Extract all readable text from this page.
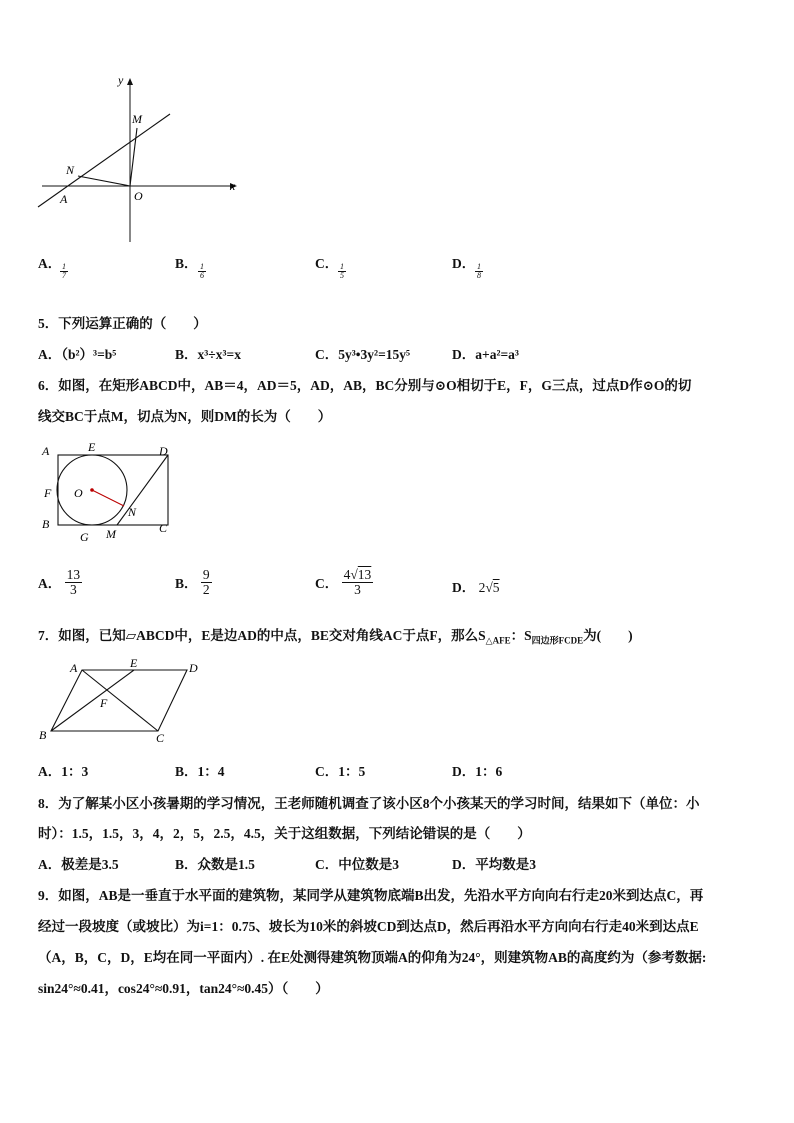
y
M
N
A	O
x
A．
$\frac{1}{7}$	B． $\frac{1}{6}$	C． $\frac{1}{5}$	D． $\frac{1}{8}$
5．下列运算正确的（　　）
A．（b²）³=b⁵	B．x³÷x³=x	C．5y³•3y²=15y⁵	D．a+a²=a³
6．如图，在矩形ABCD中，AB＝4，AD＝5，AD，AB，BC分别与⊙O相切于E，F，G三点，过点D作⊙O的切
线交BC于点M，切点为N，则DM的长为（　　）
A	E	D
F O
N
B
G M	C
A． $\frac{13}{3}$	B． $\frac{9}{2}$	C． $\frac{4√13}{3}$	D． 2√5
7．如图，已知▱ABCD中，E是边AD的中点，BE交对角线AC于点F，那么$S_{\triangle AFE}$：$S_{四边形FCDE}$为(　　)
A	E	D
F
B	C
A．1：3	B．1：4	C．1：5	D．1：6
8．为了解某小区小孩暑期的学习情况，王老师随机调查了该小区8个小孩某天的学习时间，结果如下（单位：小
时）：1.5，1.5，3，4，2，5，2.5，4.5，关于这组数据，下列结论错误的是（　　）
A．极差是3.5	B．众数是1.5	C．中位数是3	D．平均数是3
9．如图，AB是一垂直于水平面的建筑物，某同学从建筑物底端B出发，先沿水平方向向右行走20米到达点C，再
经过一段坡度（或坡比）为i=1：0.75、坡长为10米的斜坡CD到达点D，然后再沿水平方向向右行走40米到达点E
（A，B，C，D，E均在同一平面内）. 在E处测得建筑物顶端A的仰角为24°，则建筑物AB的高度约为（参考数据:
sin24°≈0.41，cos24°≈0.91，tan24°≈0.45）（　　）
